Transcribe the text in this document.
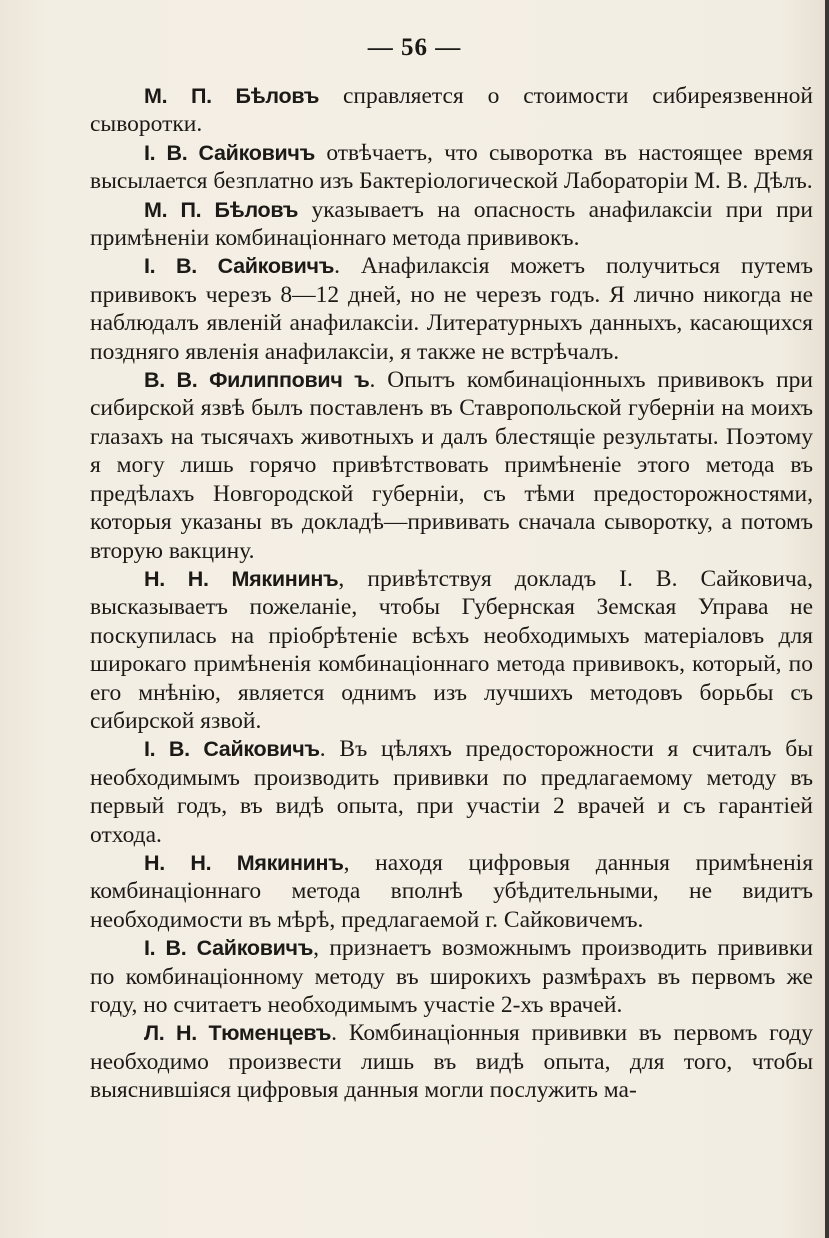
— 56 —

М. П. Бѣловъ справляется о стоимости сибиреязвенной сыворотки.

I. В. Сайковичъ отвѣчаетъ, что сыворотка въ настоящее время высылается безплатно изъ Бактеріологической Лабораторіи М. В. Дѣлъ.

М. П. Бѣловъ указываетъ на опасность анафилаксіи при при примѣненіи комбинаціоннаго метода прививокъ.

I. В. Сайковичъ. Анафилаксія можетъ получиться путемъ прививокъ черезъ 8—12 дней, но не черезъ годъ. Я лично никогда не наблюдалъ явленій анафилаксіи. Литературныхъ данныхъ, касающихся поздняго явленія анафилаксіи, я также не встрѣчалъ.

В. В. Филиппович ъ. Опытъ комбинаціонныхъ прививокъ при сибирской язвѣ былъ поставленъ въ Ставропольской губерніи на моихъ глазахъ на тысячахъ животныхъ и далъ блестящіе результаты. Поэтому я могу лишь горячо привѣтствовать примѣненіе этого метода въ предѣлахъ Новгородской губерніи, съ тѣми предосторожностями, которыя указаны въ докладѣ—прививать сначала сыворотку, а потомъ вторую вакцину.

Н. Н. Мякининъ, привѣтствуя докладъ I. В. Сайковича, высказываетъ пожеланіе, чтобы Губернская Земская Управа не поскупилась на пріобрѣтеніе всѣхъ необходимыхъ матеріаловъ для широкаго примѣненія комбинаціоннаго метода прививокъ, который, по его мнѣнію, является однимъ изъ лучшихъ методовъ борьбы съ сибирской язвой.

I. В. Сайковичъ. Въ цѣляхъ предосторожности я считалъ бы необходимымъ производить прививки по предлагаемому методу въ первый годъ, въ видѣ опыта, при участіи 2 врачей и съ гарантіей отхода.

Н. Н. Мякининъ, находя цифровыя данныя примѣненія комбинаціоннаго метода вполнѣ убѣдительными, не видитъ необходимости въ мѣрѣ, предлагаемой г. Сайковичемъ.

I. В. Сайковичъ, признаетъ возможнымъ производить прививки по комбинаціонному методу въ широкихъ размѣрахъ въ первомъ же году, но считаетъ необходимымъ участіе 2-хъ врачей.

Л. Н. Тюменцевъ. Комбинаціонныя прививки въ первомъ году необходимо произвести лишь въ видѣ опыта, для того, чтобы выяснившіяся цифровыя данныя могли послужить ма-
